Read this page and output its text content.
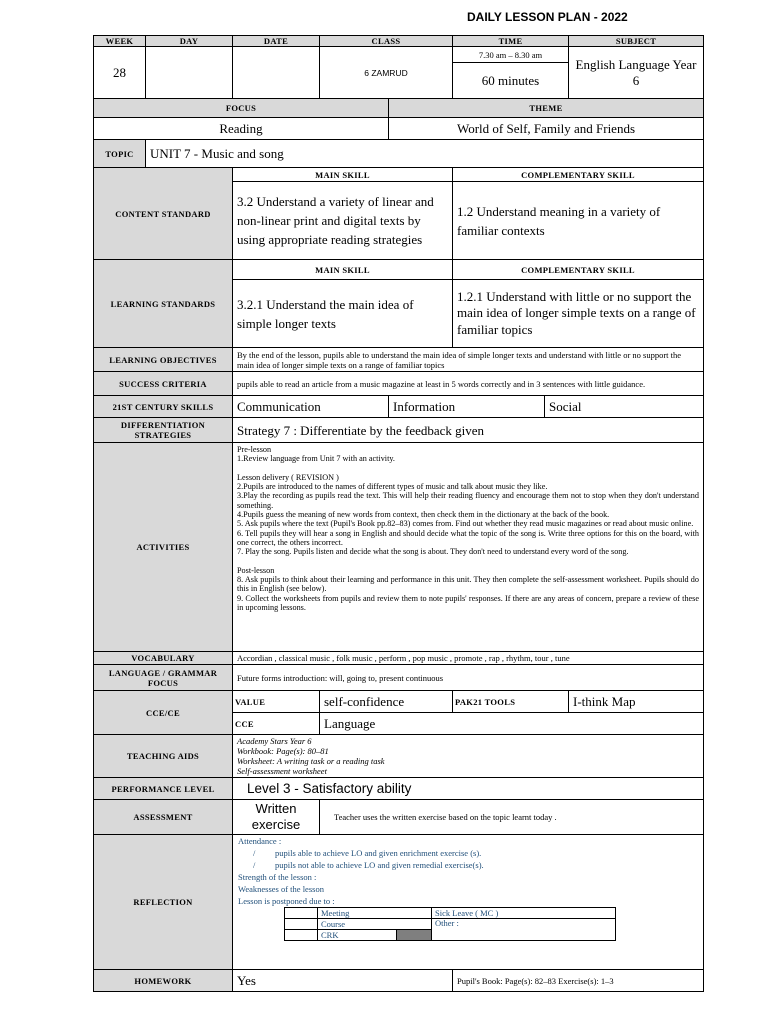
DAILY LESSON PLAN - 2022
WEEK	DAY	DATE	CLASS	TIME	SUBJECT
28			6 ZAMRUD	7.30 am – 8.30 am	English Language Year 6
60 minutes
FOCUS	THEME
Reading	World of Self, Family and Friends
TOPIC	UNIT 7 - Music and song
CONTENT STANDARD	MAIN SKILL	COMPLEMENTARY SKILL
3.2 Understand a variety of linear and non-linear print and digital texts by using appropriate reading strategies	1.2 Understand meaning in a variety of familiar contexts
LEARNING STANDARDS	MAIN SKILL	COMPLEMENTARY SKILL
3.2.1 Understand the main idea of simple longer texts	1.2.1 Understand with little or no support the main idea of longer simple texts on a range of familiar topics
LEARNING OBJECTIVES	By the end of the lesson, pupils able to understand the main idea of simple longer texts and understand with little or no support the main idea of longer simple texts on a range of familiar topics
SUCCESS CRITERIA	pupils able to read an article from a music magazine at least in 5 words correctly and in 3 sentences with little guidance.
21ST CENTURY SKILLS	Communication	Information	Social
DIFFERENTIATION STRATEGIES	Strategy 7 : Differentiate by the feedback given
ACTIVITIES	
Pre-lesson
1.Review language from Unit 7 with an activity.
Lesson delivery ( REVISION )
2.Pupils are introduced to the names of different types of music and talk about music they like.
3.Play the recording as pupils read the text. This will help their reading fluency and encourage them not to stop when they don't understand something.
4.Pupils guess the meaning of new words from context, then check them in the dictionary at the back of the book.
5. Ask pupils where the text (Pupil's Book pp.82–83) comes from. Find out whether they read music magazines or read about music online.
6. Tell pupils they will hear a song in English and should decide what the topic of the song is. Write three options for this on the board, with one correct, the others incorrect.
7. Play the song. Pupils listen and decide what the song is about. They don't need to understand every word of the song.
Post-lesson
8. Ask pupils to think about their learning and performance in this unit. They then complete the self-assessment worksheet. Pupils should do this in English (see below).
9. Collect the worksheets from pupils and review them to note pupils' responses. If there are any areas of concern, prepare a review of these in upcoming lessons.

VOCABULARY	Accordian , classical music , folk music , perform , pop music , promote , rap , rhythm, tour , tune
LANGUAGE / GRAMMAR FOCUS	Future forms introduction: will, going to, present continuous
CCE/CE	VALUE	self-confidence	PAK21 TOOLS	I-think Map
CCE	Language
TEACHING AIDS	
Academy Stars Year 6
Workbook: Page(s): 80–81
Worksheet: A writing task or a reading task
Self-assessment worksheet

PERFORMANCE LEVEL	Level 3 - Satisfactory ability
ASSESSMENT	Written exercise	Teacher uses the written exercise based on the topic learnt today .
REFLECTION	
Attendance :
/ pupils able to achieve LO and given enrichment exercise (s).
/ pupils not able to achieve LO and given remedial exercise(s).
Strength of the lesson :
Weaknesses of the lesson
Lesson is postponed due to :
	Meeting	Sick Leave ( MC )
	Course	Other :
	CRK	

HOMEWORK	Yes	Pupil's Book: Page(s): 82–83 Exercise(s): 1–3
